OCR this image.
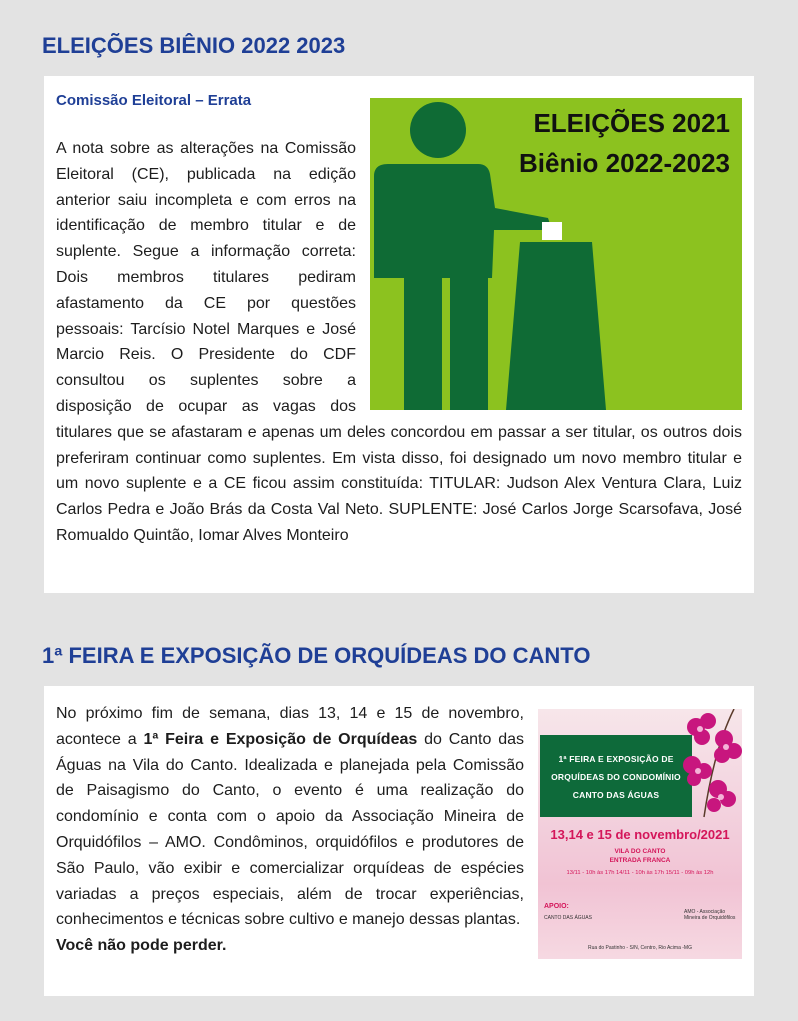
ELEIÇÕES BIÊNIO 2022 2023
ELEIÇÕES 2021
Biênio 2022-2023
Comissão Eleitoral – Errata

A nota sobre as alterações na Comissão Eleitoral (CE), publicada na edição anterior saiu incompleta e com erros na identificação de membro titular e de suplente. Segue a informação correta: Dois membros titulares pediram afastamento da CE por questões pessoais: Tarcísio Notel Marques e José Marcio Reis. O Presidente do CDF consultou os suplentes sobre a disposição de ocupar as vagas dos titulares que se afastaram e apenas um deles concordou em passar a ser titular, os outros dois preferiram continuar como suplentes. Em vista disso, foi designado um novo membro titular e um novo suplente e a CE ficou assim constituída: TITULAR: Judson Alex Ventura Clara, Luiz Carlos Pedra e João Brás da Costa Val Neto. SUPLENTE: José Carlos Jorge Scarsofava, José Romualdo Quintão, Iomar Alves Monteiro

1ª FEIRA E EXPOSIÇÃO DE ORQUÍDEAS DO CANTO
1ª FEIRA E EXPOSIÇÃO DE
ORQUÍDEAS DO CONDOMÍNIO
CANTO DAS ÁGUAS
13,14 e 15 de novembro/2021
VILA DO CANTO
ENTRADA FRANCA
13/11 - 10h às 17h 14/11 - 10h às 17h 15/11 - 09h às 12h
APOIO:
CANTO DAS ÁGUAS
AMO - Associação Mineira de Orquidófilos
Rua do Pastinho - S/N, Centro, Rio Acima -MG

No próximo fim de semana, dias 13, 14 e 15 de novembro, acontece a 1ª Feira e Exposição de Orquídeas do Canto das Águas na Vila do Canto. Idealizada e planejada pela Comissão de Paisagismo do Canto, o evento é uma realização do condomínio e conta com o apoio da Associação Mineira de Orquidófilos – AMO. Condôminos, orquidófilos e produtores de São Paulo, vão exibir e comercializar orquídeas de espécies variadas a preços especiais, além de trocar experiências, conhecimentos e técnicas sobre cultivo e manejo dessas plantas.
Você não pode perder.
